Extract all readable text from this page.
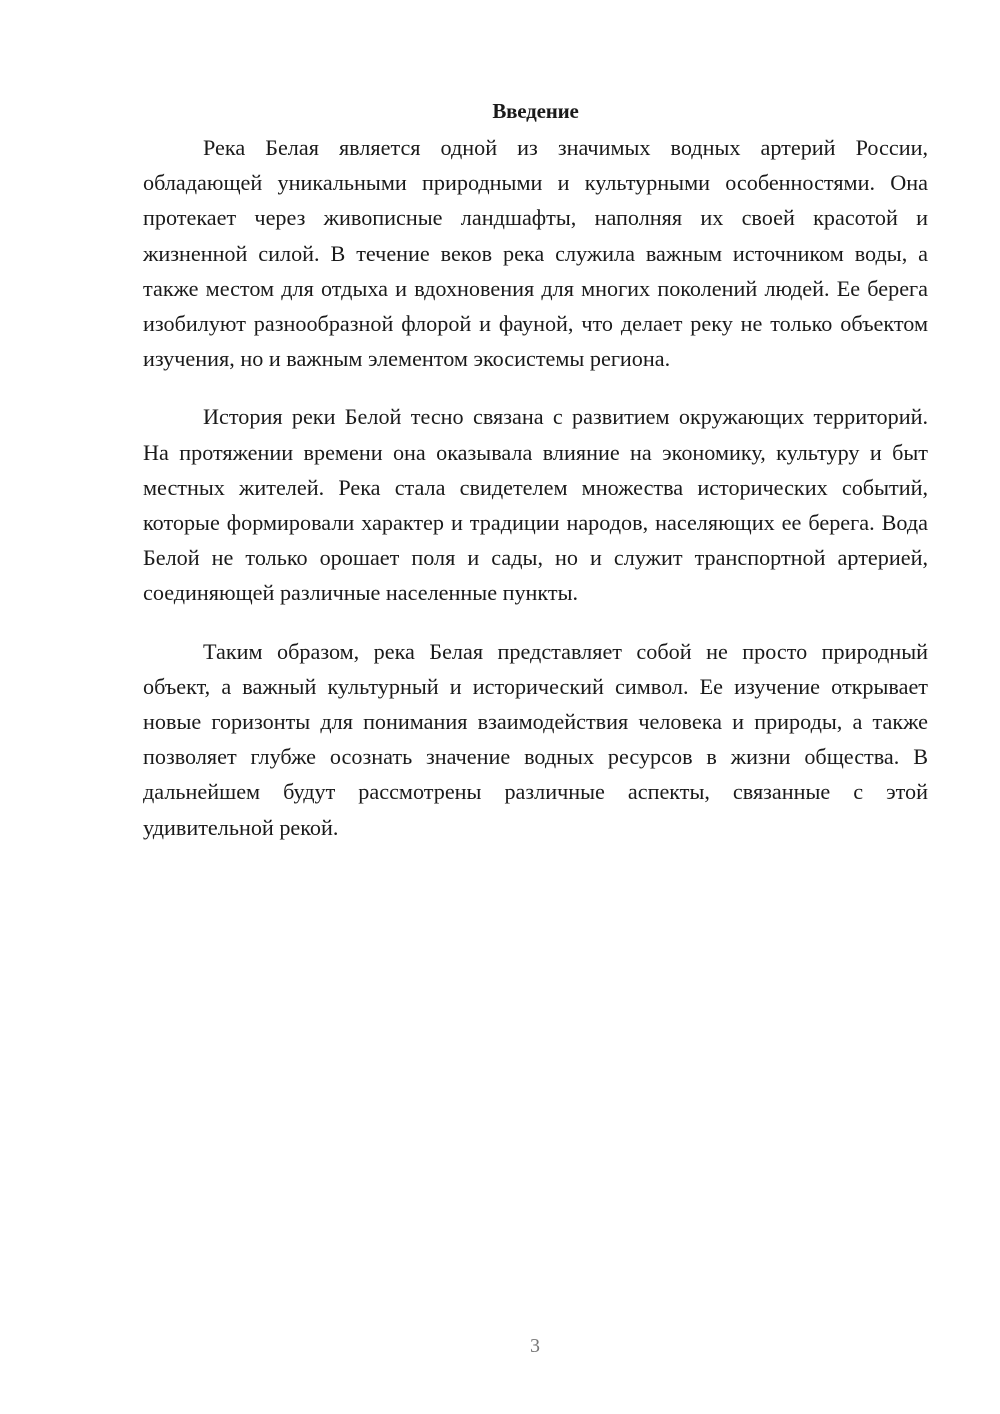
Введение

Река Белая является одной из значимых водных артерий России, обладающей уникальными природными и культурными особенностями. Она протекает через живописные ландшафты, наполняя их своей красотой и жизненной силой. В течение веков река служила важным источником воды, а также местом для отдыха и вдохновения для многих поколений людей. Ее берега изобилуют разнообразной флорой и фауной, что делает реку не только объектом изучения, но и важным элементом экосистемы региона.

История реки Белой тесно связана с развитием окружающих территорий. На протяжении времени она оказывала влияние на экономику, культуру и быт местных жителей. Река стала свидетелем множества исторических событий, которые формировали характер и традиции народов, населяющих ее берега. Вода Белой не только орошает поля и сады, но и служит транспортной артерией, соединяющей различные населенные пункты.

Таким образом, река Белая представляет собой не просто природный объект, а важный культурный и исторический символ. Ее изучение открывает новые горизонты для понимания взаимодействия человека и природы, а также позволяет глубже осознать значение водных ресурсов в жизни общества. В дальнейшем будут рассмотрены различные аспекты, связанные с этой удивительной рекой.

3
